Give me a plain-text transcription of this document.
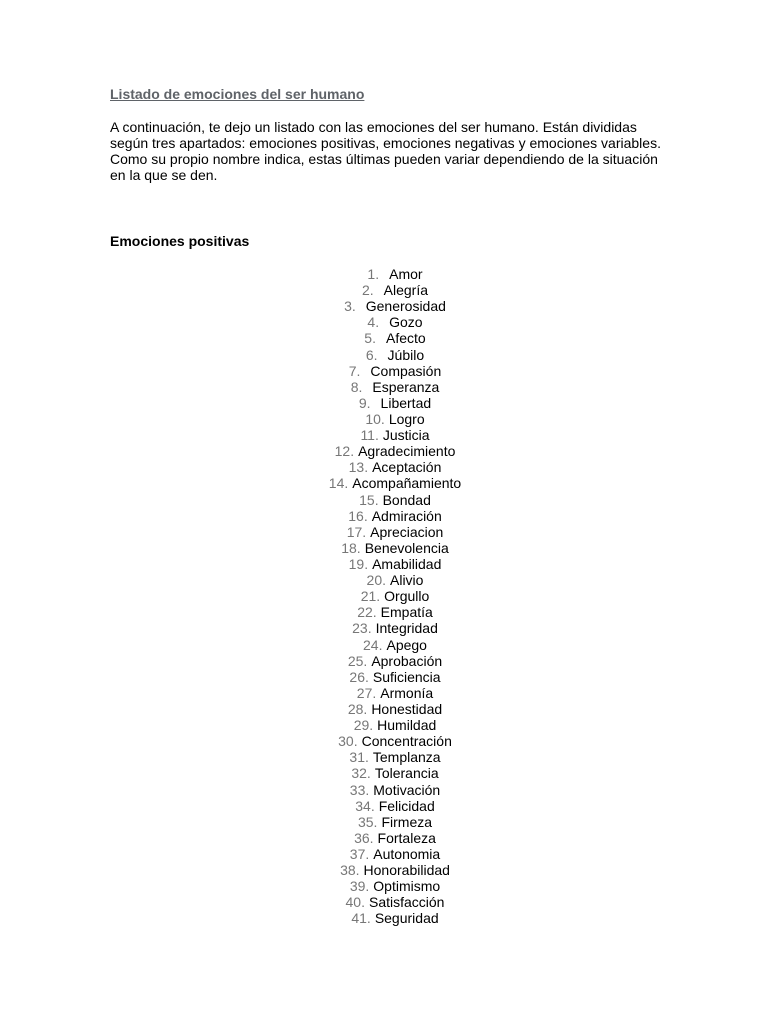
Listado de emociones del ser humano

A continuación, te dejo un listado con las emociones del ser humano. Están divididas según tres apartados: emociones positivas, emociones negativas y emociones variables. Como su propio nombre indica, estas últimas pueden variar dependiendo de la situación en la que se den.

Emociones positivas
1. Amor
2. Alegría
3. Generosidad
4. Gozo
5. Afecto
6. Júbilo
7. Compasión
8. Esperanza
9. Libertad
10. Logro
11. Justicia
12. Agradecimiento
13. Aceptación
14. Acompañamiento
15. Bondad
16. Admiración
17. Apreciacion
18. Benevolencia
19. Amabilidad
20. Alivio
21. Orgullo
22. Empatía
23. Integridad
24. Apego
25. Aprobación
26. Suficiencia
27. Armonía
28. Honestidad
29. Humildad
30. Concentración
31. Templanza
32. Tolerancia
33. Motivación
34. Felicidad
35. Firmeza
36. Fortaleza
37. Autonomia
38. Honorabilidad
39. Optimismo
40. Satisfacción
41. Seguridad
